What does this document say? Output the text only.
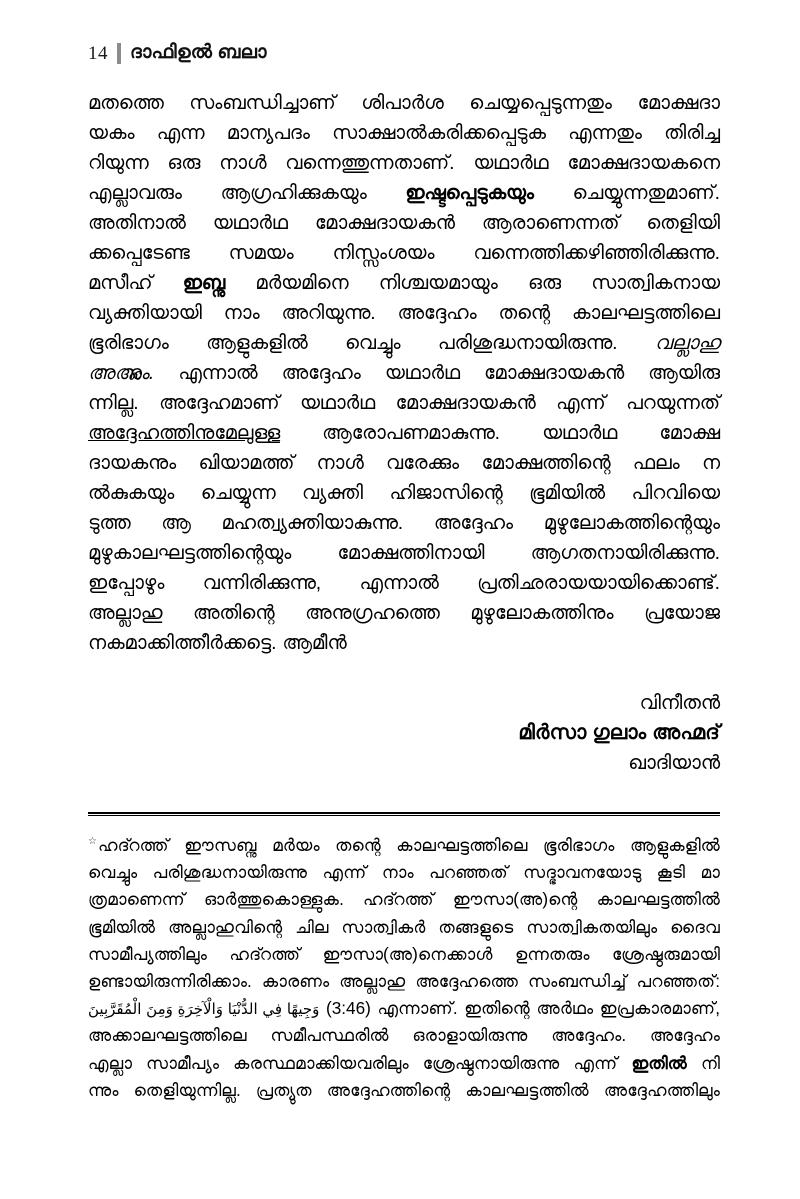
14 ദാഫിഉൽ ബലാ
മതത്തെ സംബന്ധിച്ചാണ് ശിപാർശ ചെയ്യപ്പെടുന്നതും മോക്ഷദാ
യകം എന്ന മാന്യപദം സാക്ഷാൽകരിക്കപ്പെടുക എന്നതും തിരിച്ച
റിയുന്ന ഒരു നാൾ വന്നെത്തുന്നതാണ്. യഥാർഥ മോക്ഷദായകനെ
എല്ലാവരും ആഗ്രഹിക്കുകയും ഇഷ്ടപ്പെടുകയും ചെയ്യുന്നതുമാണ്.
അതിനാൽ യഥാർഥ മോക്ഷദായകൻ ആരാണെന്നത് തെളിയി
ക്കപ്പെടേണ്ട സമയം നിസ്സംശയം വന്നെത്തിക്കഴിഞ്ഞിരിക്കുന്നു.
മസീഹ് ഇബ്നു മർയമിനെ നിശ്ചയമായും ഒരു സാത്വികനായ
വ്യക്തിയായി നാം അറിയുന്നു. അദ്ദേഹം തന്റെ കാലഘട്ടത്തിലെ
ഭൂരിഭാഗം ആളുകളിൽ വെച്ചും പരിശുദ്ധനായിരുന്നു. വല്ലാഹു
അഅ്ലം. എന്നാൽ അദ്ദേഹം യഥാർഥ മോക്ഷദായകൻ ആയിരു
ന്നില്ല. അദ്ദേഹമാണ് യഥാർഥ മോക്ഷദായകൻ എന്ന് പറയുന്നത്
അദ്ദേഹത്തിനുമേലുള്ള ആരോപണമാകുന്നു. യഥാർഥ മോക്ഷ
ദായകനും ഖിയാമത്ത് നാൾ വരേക്കും മോക്ഷത്തിന്റെ ഫലം ന
ൽകുകയും ചെയ്യുന്ന വ്യക്തി ഹിജാസിന്റെ ഭൂമിയിൽ പിറവിയെ
ടുത്ത ആ മഹത്വ്യക്തിയാകുന്നു. അദ്ദേഹം മുഴുലോകത്തിന്റെയും
മുഴുകാലഘട്ടത്തിന്റെയും മോക്ഷത്തിനായി ആഗതനായിരിക്കുന്നു.
ഇപ്പോഴും വന്നിരിക്കുന്നു, എന്നാൽ പ്രതിഛരായയായിക്കൊണ്ട്.
അല്ലാഹു അതിന്റെ അനുഗ്രഹത്തെ മുഴുലോകത്തിനും പ്രയോജ
നകമാക്കിത്തീർക്കട്ടെ. ആമീൻ
വിനീതൻ
മിർസാ ഗുലാം അഹ്മദ്
ഖാദിയാൻ
☆ഹദ്റത്ത് ഈസബ്നു മർയം തന്റെ കാലഘട്ടത്തിലെ ഭൂരിഭാഗം ആളുകളിൽ
വെച്ചും പരിശുദ്ധനായിരുന്നു എന്ന് നാം പറഞ്ഞത് സദ്ഭാവനയോടു കൂടി മാ
ത്രമാണെന്ന് ഓർത്തുകൊള്ളുക. ഹദ്റത്ത് ഈസാ(അ)ന്റെ കാലഘട്ടത്തിൽ
ഭൂമിയിൽ അല്ലാഹുവിന്റെ ചില സാത്വികർ തങ്ങളുടെ സാത്വികതയിലും ദൈവ
സാമീപ്യത്തിലും ഹദ്റത്ത് ഈസാ(അ)നെക്കാൾ ഉന്നതരും ശ്രേഷ്ഠരുമായി
ഉണ്ടായിരുന്നിരിക്കാം. കാരണം അല്ലാഹു അദ്ദേഹത്തെ സംബന്ധിച്ച് പറഞ്ഞത്:
وَجِيهًا فِي الدُّنْيَا وَالْآخِرَةِ وَمِنَ الْمُقَرَّبِينَ (3:46) എന്നാണ്. ഇതിന്റെ അർഥം ഇപ്രകാരമാണ്,
അക്കാലഘട്ടത്തിലെ സമീപസ്ഥരിൽ ഒരാളായിരുന്നു അദ്ദേഹം. അദ്ദേഹം
എല്ലാ സാമീപ്യം കരസ്ഥമാക്കിയവരിലും ശ്രേഷ്ഠനായിരുന്നു എന്ന് ഇതിൽ നി
ന്നും തെളിയുന്നില്ല. പ്രത്യുത അദ്ദേഹത്തിന്റെ കാലഘട്ടത്തിൽ അദ്ദേഹത്തിലും
